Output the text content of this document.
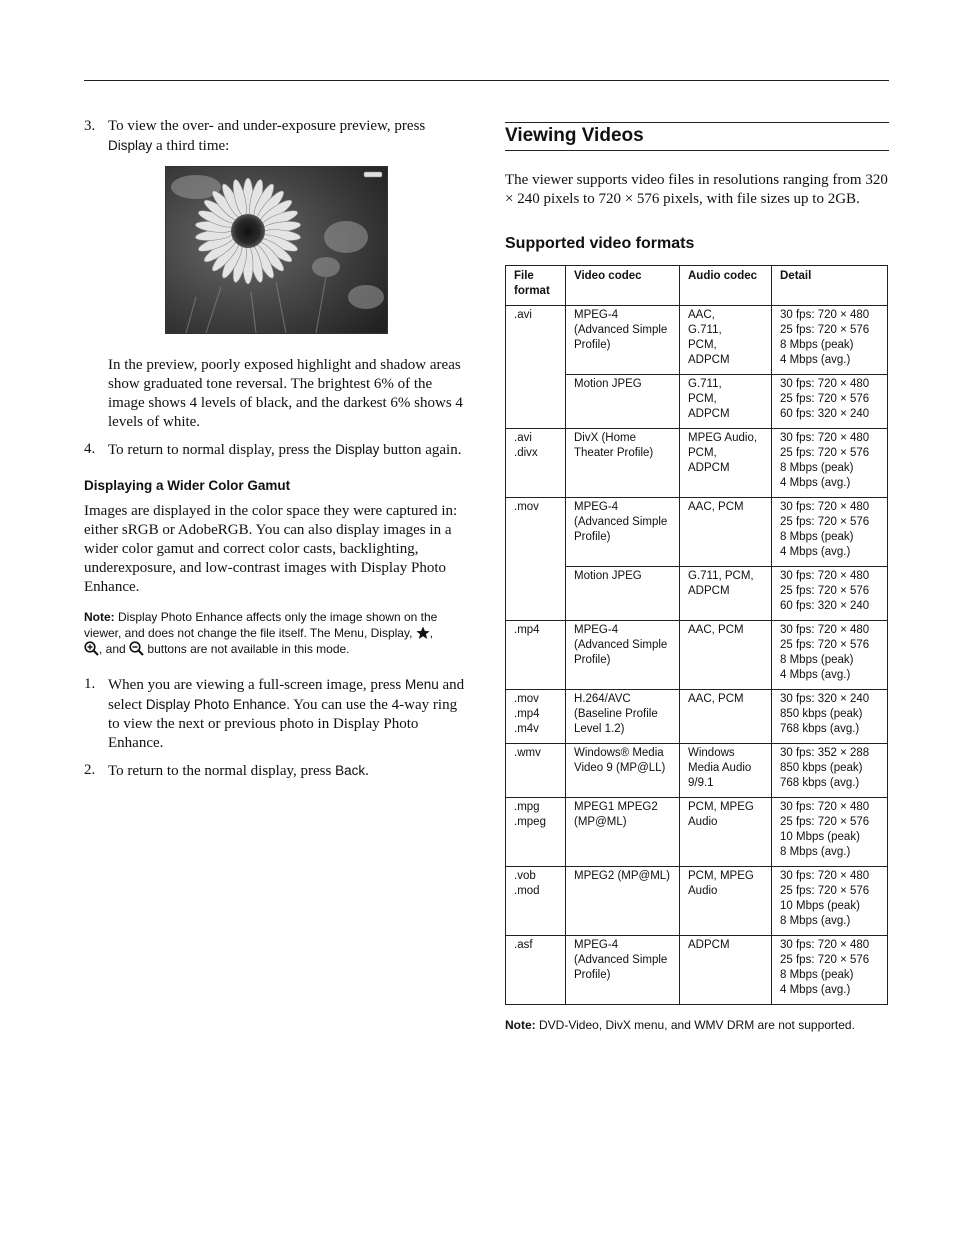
3. To view the over- and under-exposure preview, press Display a third time:

In the preview, poorly exposed highlight and shadow areas show graduated tone reversal. The brightest 6% of the image shows 4 levels of black, and the darkest 6% shows 4 levels of white.

4. To return to normal display, press the Display button again.

Displaying a Wider Color Gamut

Images are displayed in the color space they were captured in: either sRGB or AdobeRGB. You can also display images in a wider color gamut and correct color casts, backlighting, underexposure, and low-contrast images with Display Photo Enhance.

Note: Display Photo Enhance affects only the image shown on the viewer, and does not change the file itself. The Menu, Display, ,
, and buttons are not available in this mode.

1. When you are viewing a full-screen image, press Menu and select Display Photo Enhance. You can use the 4-way ring to view the next or previous photo in Display Photo Enhance.

2. To return to the normal display, press Back.

Viewing Videos

The viewer supports video files in resolutions ranging from 320 × 240 pixels to 720 × 576 pixels, with file sizes up to 2GB.

Supported video formats
File format	Video codec	Audio codec	Detail

.avi	MPEG-4 (Advanced Simple Profile)	AAC,
G.711,
PCM,
ADPCM	30 fps: 720 × 480
25 fps: 720 × 576
8 Mbps (peak)
4 Mbps (avg.)

	Motion JPEG	G.711,
PCM,
ADPCM	30 fps: 720 × 480
25 fps: 720 × 576
60 fps: 320 × 240

.avi
.divx	DivX (Home Theater Profile)	MPEG Audio,
PCM,
ADPCM	30 fps: 720 × 480
25 fps: 720 × 576
8 Mbps (peak)
4 Mbps (avg.)

.mov	MPEG-4 (Advanced Simple Profile)	AAC, PCM	30 fps: 720 × 480
25 fps: 720 × 576
8 Mbps (peak)
4 Mbps (avg.)

	Motion JPEG	G.711, PCM, ADPCM	30 fps: 720 × 480
25 fps: 720 × 576
60 fps: 320 × 240

.mp4	MPEG-4 (Advanced Simple Profile)	AAC, PCM	30 fps: 720 × 480
25 fps: 720 × 576
8 Mbps (peak)
4 Mbps (avg.)

.mov
.mp4
.m4v	H.264/AVC (Baseline Profile Level 1.2)	AAC, PCM	30 fps: 320 × 240
850 kbps (peak)
768 kbps (avg.)

.wmv	Windows® Media Video 9 (MP@LL)	Windows Media Audio 9/9.1	30 fps: 352 × 288
850 kbps (peak)
768 kbps (avg.)

.mpg
.mpeg	MPEG1 MPEG2 (MP@ML)	PCM, MPEG Audio	30 fps: 720 × 480
25 fps: 720 × 576
10 Mbps (peak)
8 Mbps (avg.)

.vob
.mod	MPEG2 (MP@ML)	PCM, MPEG Audio	30 fps: 720 × 480
25 fps: 720 × 576
10 Mbps (peak)
8 Mbps (avg.)

.asf	MPEG-4 (Advanced Simple Profile)	ADPCM	30 fps: 720 × 480
25 fps: 720 × 576
8 Mbps (peak)
4 Mbps (avg.)
Note: DVD-Video, DivX menu, and WMV DRM are not supported.
